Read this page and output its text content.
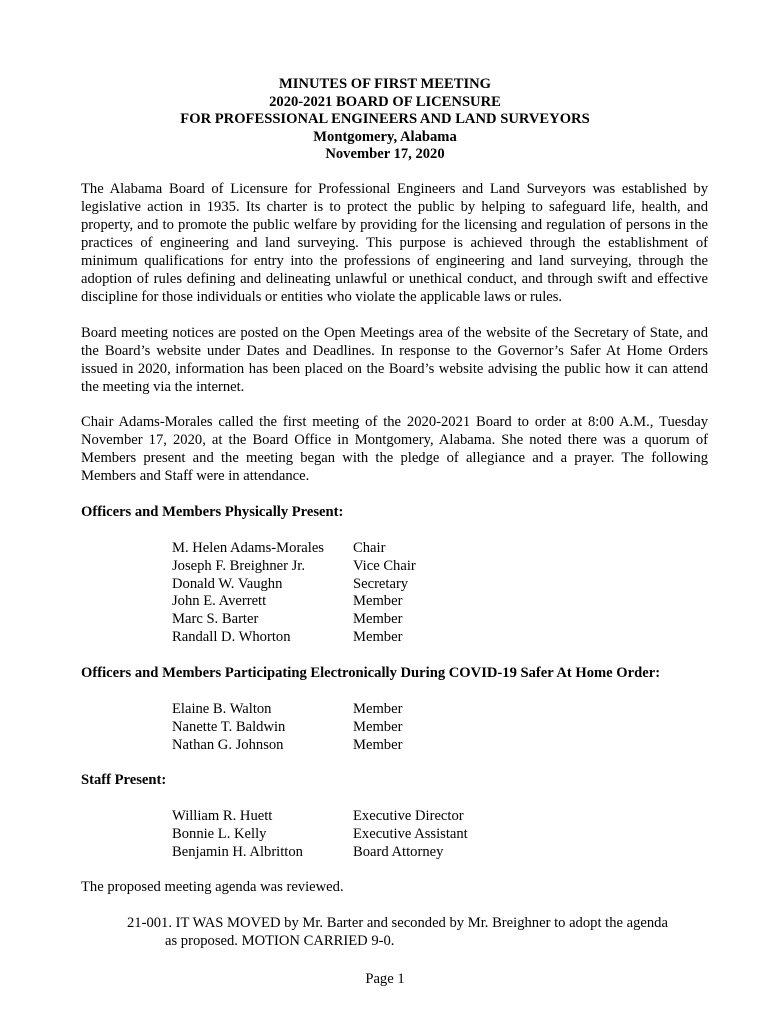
MINUTES OF FIRST MEETING
2020-2021 BOARD OF LICENSURE
FOR PROFESSIONAL ENGINEERS AND LAND SURVEYORS
Montgomery, Alabama
November 17, 2020

The Alabama Board of Licensure for Professional Engineers and Land Surveyors was established by legislative action in 1935. Its charter is to protect the public by helping to safeguard life, health, and property, and to promote the public welfare by providing for the licensing and regulation of persons in the practices of engineering and land surveying. This purpose is achieved through the establishment of minimum qualifications for entry into the professions of engineering and land surveying, through the adoption of rules defining and delineating unlawful or unethical conduct, and through swift and effective discipline for those individuals or entities who violate the applicable laws or rules.

Board meeting notices are posted on the Open Meetings area of the website of the Secretary of State, and the Board’s website under Dates and Deadlines. In response to the Governor’s Safer At Home Orders issued in 2020, information has been placed on the Board’s website advising the public how it can attend the meeting via the internet.

Chair Adams-Morales called the first meeting of the 2020-2021 Board to order at 8:00 A.M., Tuesday November 17, 2020, at the Board Office in Montgomery, Alabama. She noted there was a quorum of Members present and the meeting began with the pledge of allegiance and a prayer. The following Members and Staff were in attendance.

Officers and Members Physically Present:
M. Helen Adams-Morales Chair
Joseph F. Breighner Jr.	Vice Chair
Donald W. Vaughn	Secretary
John E. Averrett	Member
Marc S. Barter	Member
Randall D. Whorton	Member
Officers and Members Participating Electronically During COVID-19 Safer At Home Order:
Elaine B. Walton	Member
Nanette T. Baldwin	Member
Nathan G. Johnson	Member
Staff Present:
William R. Huett	Executive Director
Bonnie L. Kelly	Executive Assistant
Benjamin H. Albritton	Board Attorney

The proposed meeting agenda was reviewed.

21-001. IT WAS MOVED by Mr. Barter and seconded by Mr. Breighner to adopt the agenda
as proposed. MOTION CARRIED 9-0.
Page 1
